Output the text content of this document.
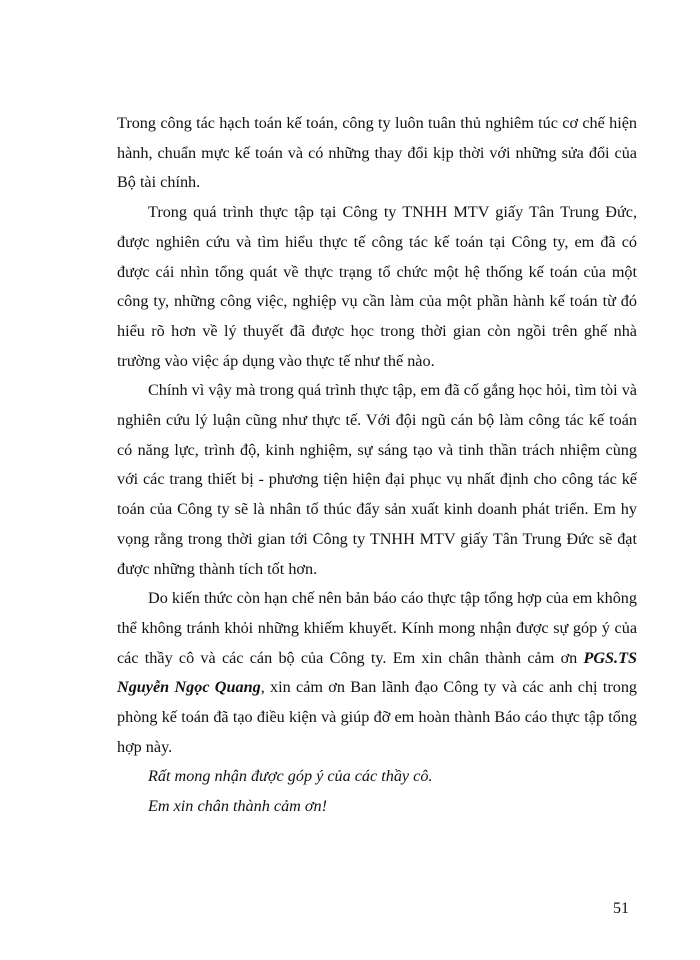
Trong công tác hạch toán kế toán, công ty luôn tuân thủ nghiêm túc cơ chế hiện hành, chuẩn mực kế toán và có những thay đổi kịp thời với những sửa đổi của Bộ tài chính.

Trong quá trình thực tập tại Công ty TNHH MTV giấy Tân Trung Đức, được nghiên cứu và tìm hiểu thực tế công tác kế toán tại Công ty, em đã có được cái nhìn tổng quát về thực trạng tổ chức một hệ thống kế toán của một công ty, những công việc, nghiệp vụ cần làm của một phần hành kế toán từ đó hiểu rõ hơn về lý thuyết đã được học trong thời gian còn ngồi trên ghế nhà trường vào việc áp dụng vào thực tế như thế nào.

Chính vì vậy mà trong quá trình thực tập, em đã cố gắng học hỏi, tìm tòi và nghiên cứu lý luận cũng như thực tế. Với đội ngũ cán bộ làm công tác kế toán có năng lực, trình độ, kinh nghiệm, sự sáng tạo và tinh thần trách nhiệm cùng với các trang thiết bị - phương tiện hiện đại phục vụ nhất định cho công tác kế toán của Công ty sẽ là nhân tố thúc đẩy sản xuất kinh doanh phát triển. Em hy vọng rằng trong thời gian tới Công ty TNHH MTV giấy Tân Trung Đức sẽ đạt được những thành tích tốt hơn.

Do kiến thức còn hạn chế nên bản báo cáo thực tập tổng hợp của em không thể không tránh khỏi những khiếm khuyết. Kính mong nhận được sự góp ý của các thầy cô và các cán bộ của Công ty. Em xin chân thành cảm ơn PGS.TS Nguyễn Ngọc Quang, xin cảm ơn Ban lãnh đạo Công ty và các anh chị trong phòng kế toán đã tạo điều kiện và giúp đỡ em hoàn thành Báo cáo thực tập tổng hợp này.

Rất mong nhận được góp ý của các thầy cô.

Em xin chân thành cảm ơn!

51
